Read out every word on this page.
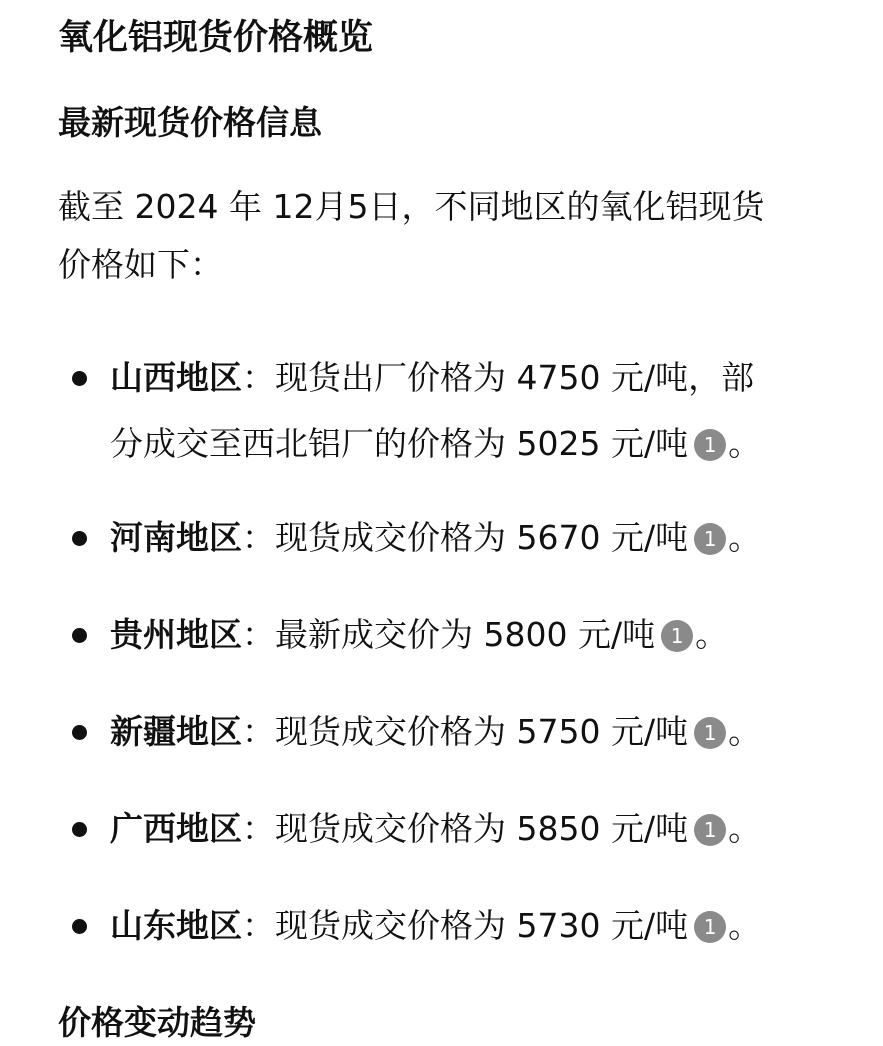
氧化铝现货价格概览
最新现货价格信息
截至 2024 年 12月5日，不同地区的氧化铝现货
价格如下：
山西地区：现货出厂价格为 4750 元/吨，部
分成交至西北铝厂的价格为 5025 元/吨 1 。
河南地区：现货成交价格为 5670 元/吨 1 。
贵州地区：最新成交价为 5800 元/吨 1 。
新疆地区：现货成交价格为 5750 元/吨 1 。
广西地区：现货成交价格为 5850 元/吨 1 。
山东地区：现货成交价格为 5730 元/吨 1 。
价格变动趋势
